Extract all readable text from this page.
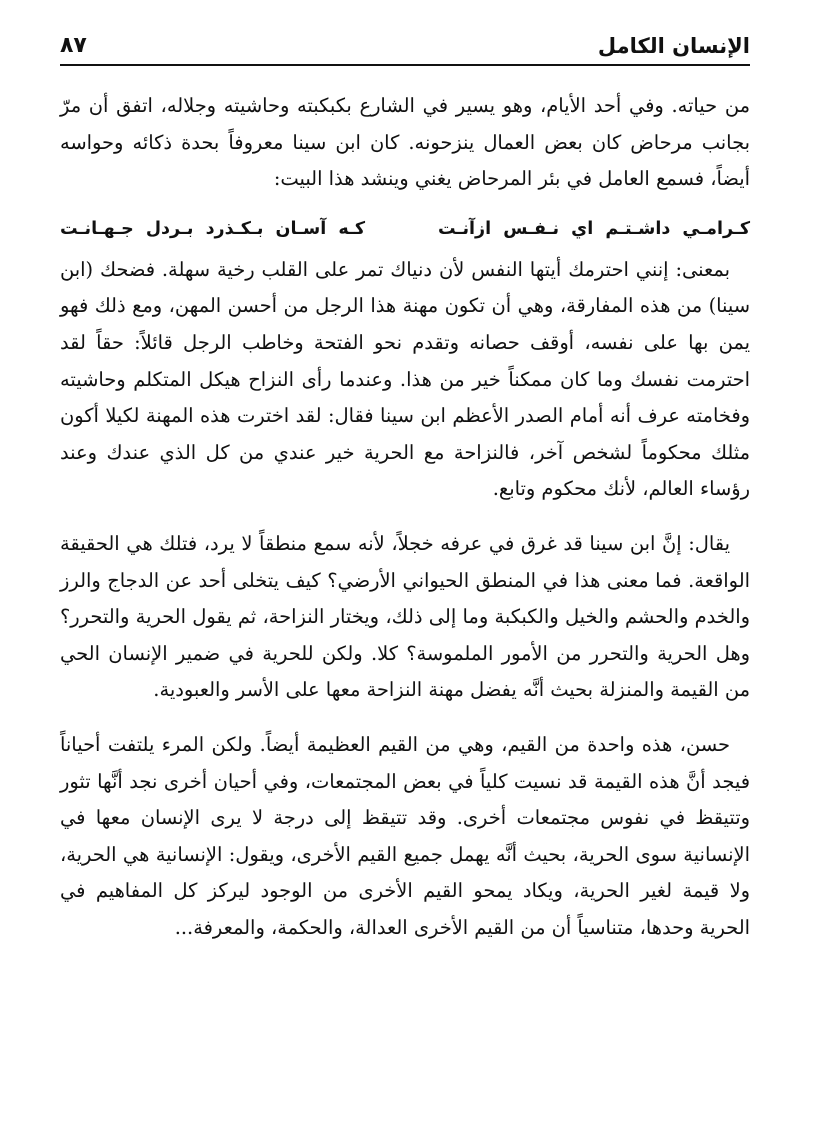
الإنسان الكامل
٨٧

من حياته. وفي أحد الأيام، وهو يسير في الشارع بكبكبته وحاشيته وجلاله، اتفق أن مرّ بجانب مرحاض كان بعض العمال ينزحونه. كان ابن سينا معروفاً بحدة ذكائه وحواسه أيضاً، فسمع العامل في بئر المرحاض يغني وينشد هذا البيت:

كـرامـي داشـتـم اي نـفـس ازآنـت
كـه آسـان بـكـذرد بـردل جـهـانـت

بمعنى: إنني احترمك أيتها النفس لأن دنياك تمر على القلب رخية سهلة. فضحك (ابن سينا) من هذه المفارقة، وهي أن تكون مهنة هذا الرجل من أحسن المهن، ومع ذلك فهو يمن بها على نفسه، أوقف حصانه وتقدم نحو الفتحة وخاطب الرجل قائلاً: حقاً لقد احترمت نفسك وما كان ممكناً خير من هذا. وعندما رأى النزاح هيكل المتكلم وحاشيته وفخامته عرف أنه أمام الصدر الأعظم ابن سينا فقال: لقد اخترت هذه المهنة لكيلا أكون مثلك محكوماً لشخص آخر، فالنزاحة مع الحرية خير عندي من كل الذي عندك وعند رؤساء العالم، لأنك محكوم وتابع.

يقال: إنَّ ابن سينا قد غرق في عرفه خجلاً، لأنه سمع منطقاً لا يرد، فتلك هي الحقيقة الواقعة. فما معنى هذا في المنطق الحيواني الأرضي؟ كيف يتخلى أحد عن الدجاج والرز والخدم والحشم والخيل والكبكبة وما إلى ذلك، ويختار النزاحة، ثم يقول الحرية والتحرر؟ وهل الحرية والتحرر من الأمور الملموسة؟ كلا. ولكن للحرية في ضمير الإنسان الحي من القيمة والمنزلة بحيث أنَّه يفضل مهنة النزاحة معها على الأسر والعبودية.

حسن، هذه واحدة من القيم، وهي من القيم العظيمة أيضاً. ولكن المرء يلتفت أحياناً فيجد أنَّ هذه القيمة قد نسيت كلياً في بعض المجتمعات، وفي أحيان أخرى نجد أنَّها تثور وتتيقظ في نفوس مجتمعات أخرى. وقد تتيقظ إلى درجة لا يرى الإنسان معها في الإنسانية سوى الحرية، بحيث أنَّه يهمل جميع القيم الأخرى، ويقول: الإنسانية هي الحرية، ولا قيمة لغير الحرية، ويكاد يمحو القيم الأخرى من الوجود ليركز كل المفاهيم في الحرية وحدها، متناسياً أن من القيم الأخرى العدالة، والحكمة، والمعرفة...
